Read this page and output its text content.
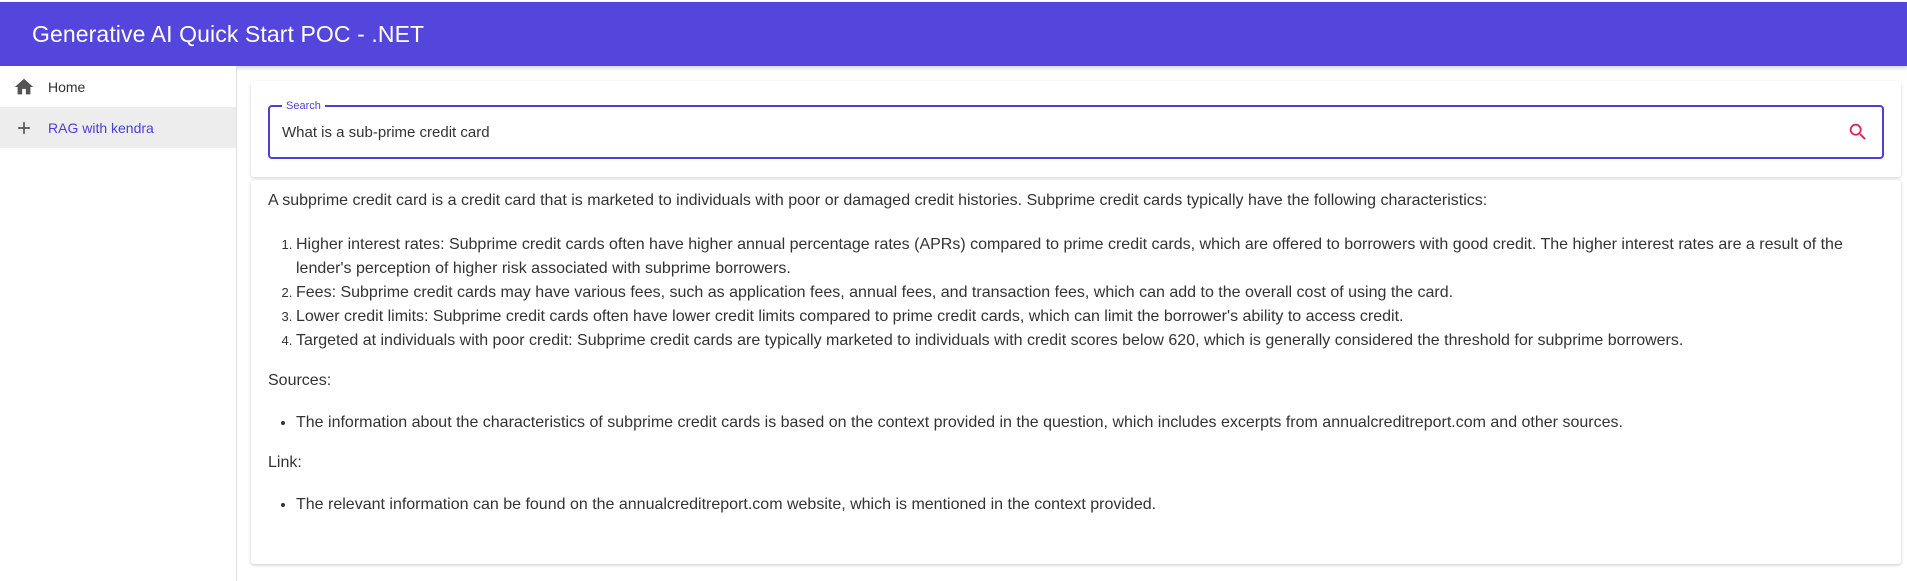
Generative AI Quick Start POC - .NET
Home
RAG with kendra
Search
What is a sub-prime credit card

A subprime credit card is a credit card that is marketed to individuals with poor or damaged credit histories. Subprime credit cards typically have the following characteristics:

1. Higher interest rates: Subprime credit cards often have higher annual percentage rates (APRs) compared to prime credit cards, which are offered to borrowers with good credit. The higher interest rates are a result of the lender's perception of higher risk associated with subprime borrowers.
2. Fees: Subprime credit cards may have various fees, such as application fees, annual fees, and transaction fees, which can add to the overall cost of using the card.
3. Lower credit limits: Subprime credit cards often have lower credit limits compared to prime credit cards, which can limit the borrower's ability to access credit.
4. Targeted at individuals with poor credit: Subprime credit cards are typically marketed to individuals with credit scores below 620, which is generally considered the threshold for subprime borrowers.

Sources:

• The information about the characteristics of subprime credit cards is based on the context provided in the question, which includes excerpts from annualcreditreport.com and other sources.

Link:

• The relevant information can be found on the annualcreditreport.com website, which is mentioned in the context provided.
